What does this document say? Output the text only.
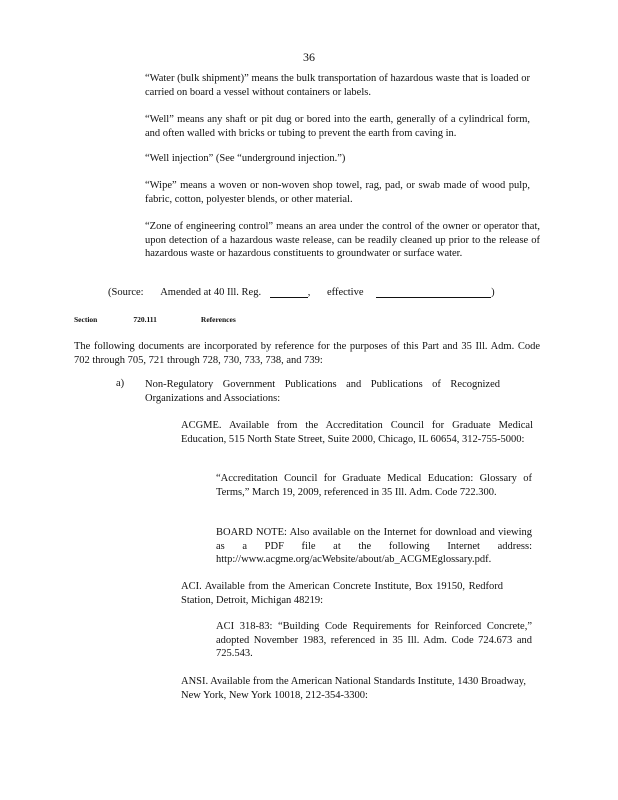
36

“Water (bulk shipment)” means the bulk transportation of hazardous waste that is loaded or carried on board a vessel without containers or labels.

“Well” means any shaft or pit dug or bored into the earth, generally of a cylindrical form, and often walled with bricks or tubing to prevent the earth from caving in.

“Well injection” (See “underground injection.”)

“Wipe” means a woven or non-woven shop towel, rag, pad, or swab made of wood pulp, fabric, cotton, polyester blends, or other material.

“Zone of engineering control” means an area under the control of the owner or operator that, upon detection of a hazardous waste release, can be readily cleaned up prior to the release of hazardous waste or hazardous constituents to groundwater or surface water.

(Source: Amended at 40 Ill. Reg.	, effective	)
Section	720.111	References

The following documents are incorporated by reference for the purposes of this Part and 35 Ill. Adm. Code 702 through 705, 721 through 728, 730, 733, 738, and 739:

a) Non-Regulatory Government Publications and Publications of Recognized Organizations and Associations:

ACGME. Available from the Accreditation Council for Graduate Medical Education, 515 North State Street, Suite 2000, Chicago, IL 60654, 312-755-5000:

“Accreditation Council for Graduate Medical Education: Glossary of Terms,” March 19, 2009, referenced in 35 Ill. Adm. Code 722.300.

BOARD NOTE: Also available on the Internet for download and viewing as a PDF file at the following Internet address: http://www.acgme.org/acWebsite/about/ab_ACGMEglossary.pdf.

ACI. Available from the American Concrete Institute, Box 19150, Redford Station, Detroit, Michigan 48219:

ACI 318-83: “Building Code Requirements for Reinforced Concrete,” adopted November 1983, referenced in 35 Ill. Adm. Code 724.673 and 725.543.

ANSI. Available from the American National Standards Institute, 1430 Broadway, New York, New York 10018, 212-354-3300:
